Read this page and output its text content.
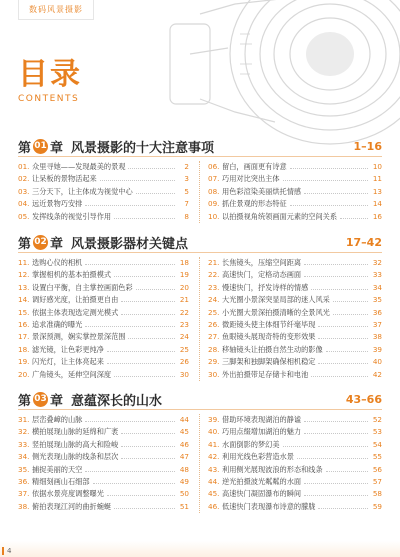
数码风景摄影
目录
CONTENTS
第 01 章 风景摄影的十大注意事项	1–16
01. 众里寻她——发现最美的景观	2
02. 让呆板的景物活起来	3
03. 三分天下，让主体成为视觉中心	5
04. 远近景物巧安排	7
05. 发挥线条的视觉引导作用	8
06. 留白，画面更有诗意	10
07. 巧用对比突出主体	11
08. 用色彩渲染美丽烘托情感	13
09. 抓住景观的形态特征	14
10. 以拍摄视角统领画面元素的空间关系	16
第 02 章 风景摄影器材关键点	17–42
11. 选购心仪的相机	18
12. 掌握相机的基本拍摄模式	19
13. 设置白平衡，自主掌控画面色彩	20
14. 调好感光度，让拍摄更自由	21
15. 依据主体表现选定测光模式	22
16. 追求准确的曝光	23
17. 景深预测，娴实掌控景深范围	24
18. 滤光镜，让色彩更纯净	25
19. 闪光灯，让主体亮起来	26
20. 广角镜头，延伸空间深度	30
21. 长焦镜头，压缩空间距离	32
22. 高速快门，定格动态画面	33
23. 慢速快门，抒发诗样的情感	34
24. 大光圈小景深突显局部的迷人风采	35
25. 小光圈大景深拍摄清晰的全景风光	36
26. 微距镜头使主体细节纤毫毕现	37
27. 鱼眼镜头展现奇特的变形效果	38
28. 移轴镜头让拍摄自然生动的影像	39
29. 三脚架和独脚架确保相机稳定	40
30. 外出拍摄带足存储卡和电池	42
第 03 章 意蕴深长的山水	43–66
31. 层峦叠嶂的山脉	44
32. 横拍展现山脉的延绵和广袤	45
33. 竖拍展现山脉的高大和险峻	46
34. 侧光表现山脉的线条和层次	47
35. 捕捉美丽的天空	48
36. 精细刻画山石细部	49
37. 依据水景亮度调整曝光	50
38. 俯拍表现江河的曲折蜿蜒	51
39. 借助环境表现湖泊的静谧	52
40. 巧用点缀增加湖泊的魅力	53
41. 水面倒影的梦幻美	54
42. 利用光线色彩营造水景	55
43. 利用侧光展现波浪的形态和线条	56
44. 逆光拍摄波光粼粼的水面	57
45. 高速快门凝固瀑布的瞬间	58
46. 低速快门表现瀑布诗意的朦胧	59
4
